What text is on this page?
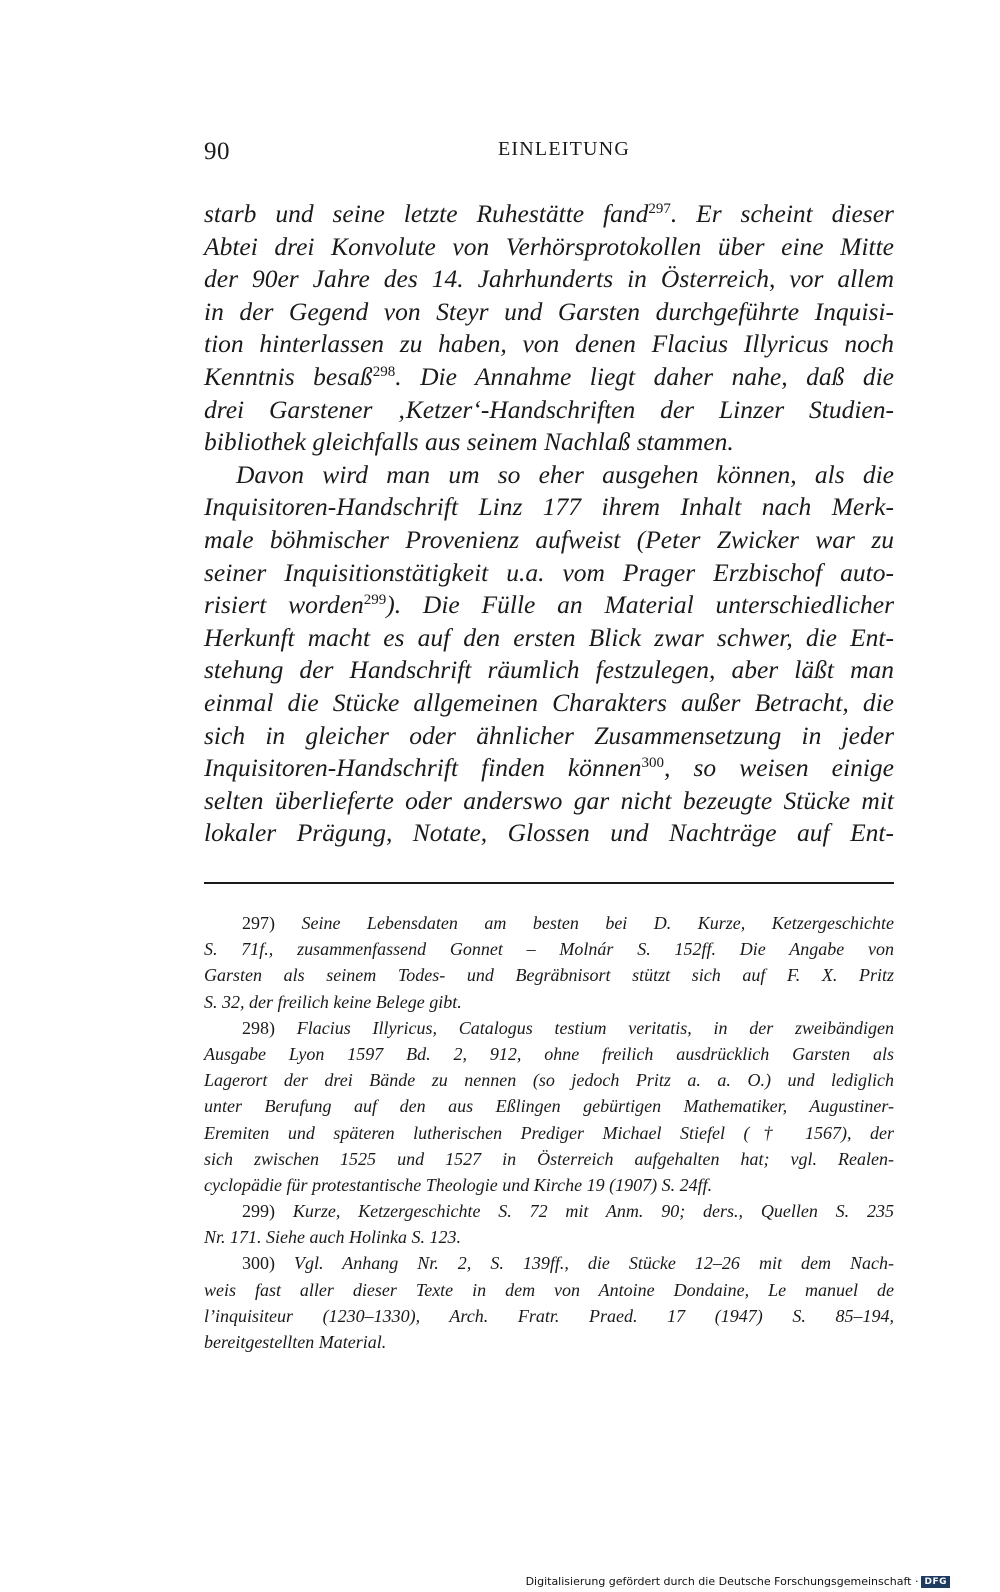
90	EINLEITUNG
starb und seine letzte Ruhestätte fand$^{297}$. Er scheint dieser
Abtei drei Konvolute von Verhörsprotokollen über eine Mitte
der 90er Jahre des 14. Jahrhunderts in Österreich, vor allem
in der Gegend von Steyr und Garsten durchgeführte Inquisi-
tion hinterlassen zu haben, von denen Flacius Illyricus noch
Kenntnis besaß$^{298}$. Die Annahme liegt daher nahe, daß die
drei Garstener ‚Ketzer‘-Handschriften der Linzer Studien-
bibliothek gleichfalls aus seinem Nachlaß stammen.
Davon wird man um so eher ausgehen können, als die
Inquisitoren-Handschrift Linz 177 ihrem Inhalt nach Merk-
male böhmischer Provenienz aufweist (Peter Zwicker war zu
seiner Inquisitionstätigkeit u.a. vom Prager Erzbischof auto-
risiert worden$^{299}$). Die Fülle an Material unterschiedlicher
Herkunft macht es auf den ersten Blick zwar schwer, die Ent-
stehung der Handschrift räumlich festzulegen, aber läßt man
einmal die Stücke allgemeinen Charakters außer Betracht, die
sich in gleicher oder ähnlicher Zusammensetzung in jeder
Inquisitoren-Handschrift finden können$^{300}$, so weisen einige
selten überlieferte oder anderswo gar nicht bezeugte Stücke mit
lokaler Prägung, Notate, Glossen und Nachträge auf Ent-
297) Seine Lebensdaten am besten bei D. Kurze, Ketzergeschichte
S. 71f., zusammenfassend Gonnet – Molnár S. 152ff. Die Angabe von
Garsten als seinem Todes- und Begräbnisort stützt sich auf F. X. Pritz
S. 32, der freilich keine Belege gibt.
298) Flacius Illyricus, Catalogus testium veritatis, in der zweibändigen
Ausgabe Lyon 1597 Bd. 2, 912, ohne freilich ausdrücklich Garsten als
Lagerort der drei Bände zu nennen (so jedoch Pritz a. a. O.) und lediglich
unter Berufung auf den aus Eßlingen gebürtigen Mathematiker, Augustiner-
Eremiten und späteren lutherischen Prediger Michael Stiefel († 1567), der
sich zwischen 1525 und 1527 in Österreich aufgehalten hat; vgl. Realen-
cyclopädie für protestantische Theologie und Kirche 19 (1907) S. 24ff.
299) Kurze, Ketzergeschichte S. 72 mit Anm. 90; ders., Quellen S. 235
Nr. 171. Siehe auch Holinka S. 123.
300) Vgl. Anhang Nr. 2, S. 139ff., die Stücke 12–26 mit dem Nach-
weis fast aller dieser Texte in dem von Antoine Dondaine, Le manuel de
l’inquisiteur (1230–1330), Arch. Fratr. Praed. 17 (1947) S. 85–194,
bereitgestellten Material.
Digitalisierung gefördert durch die Deutsche Forschungsgemeinschaft · DFG
